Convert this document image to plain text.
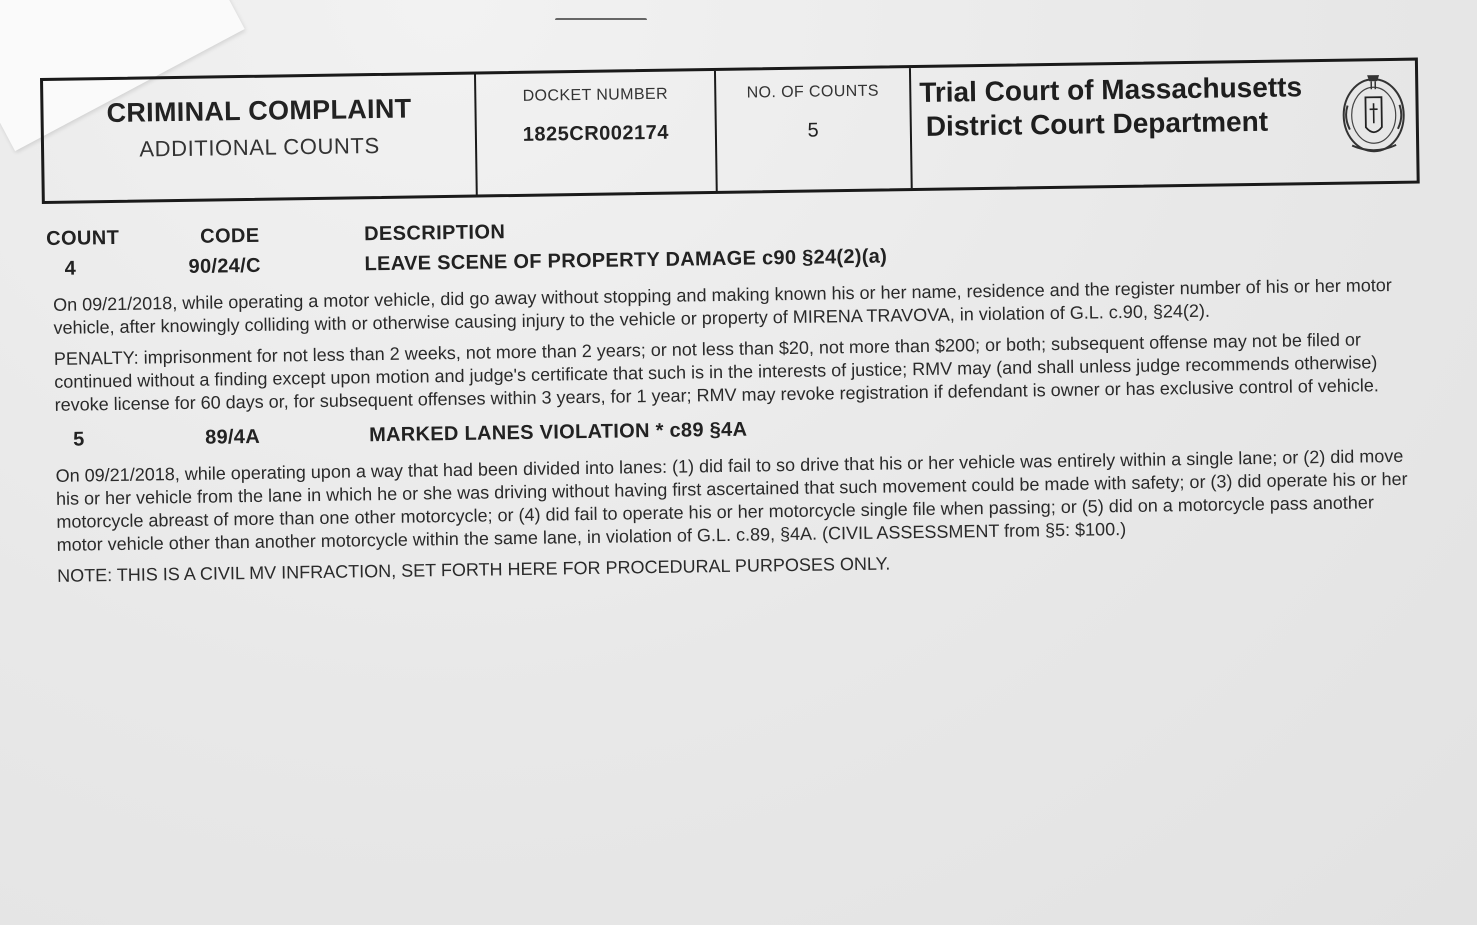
CRIMINAL COMPLAINT
ADDITIONAL COUNTS
DOCKET NUMBER
1825CR002174
NO. OF COUNTS
5
Trial Court of Massachusetts
District Court Department
COUNT	CODE	DESCRIPTION
4	90/24/C	LEAVE SCENE OF PROPERTY DAMAGE c90 §24(2)(a)
On 09/21/2018, while operating a motor vehicle, did go away without stopping and making known his or her name, residence and the register number of his or her motor vehicle, after knowingly colliding with or otherwise causing injury to the vehicle or property of MIRENA TRAVOVA, in violation of G.L. c.90, §24(2).
PENALTY: imprisonment for not less than 2 weeks, not more than 2 years; or not less than $20, not more than $200; or both; subsequent offense may not be filed or continued without a finding except upon motion and judge's certificate that such is in the interests of justice; RMV may (and shall unless judge recommends otherwise) revoke license for 60 days or, for subsequent offenses within 3 years, for 1 year; RMV may revoke registration if defendant is owner or has exclusive control of vehicle.
5	89/4A	MARKED LANES VIOLATION * c89 §4A
On 09/21/2018, while operating upon a way that had been divided into lanes: (1) did fail to so drive that his or her vehicle was entirely within a single lane; or (2) did move his or her vehicle from the lane in which he or she was driving without having first ascertained that such movement could be made with safety; or (3) did operate his or her motorcycle abreast of more than one other motorcycle; or (4) did fail to operate his or her motorcycle single file when passing; or (5) did on a motorcycle pass another motor vehicle other than another motorcycle within the same lane, in violation of G.L. c.89, §4A. (CIVIL ASSESSMENT from §5: $100.)
NOTE: THIS IS A CIVIL MV INFRACTION, SET FORTH HERE FOR PROCEDURAL PURPOSES ONLY.
